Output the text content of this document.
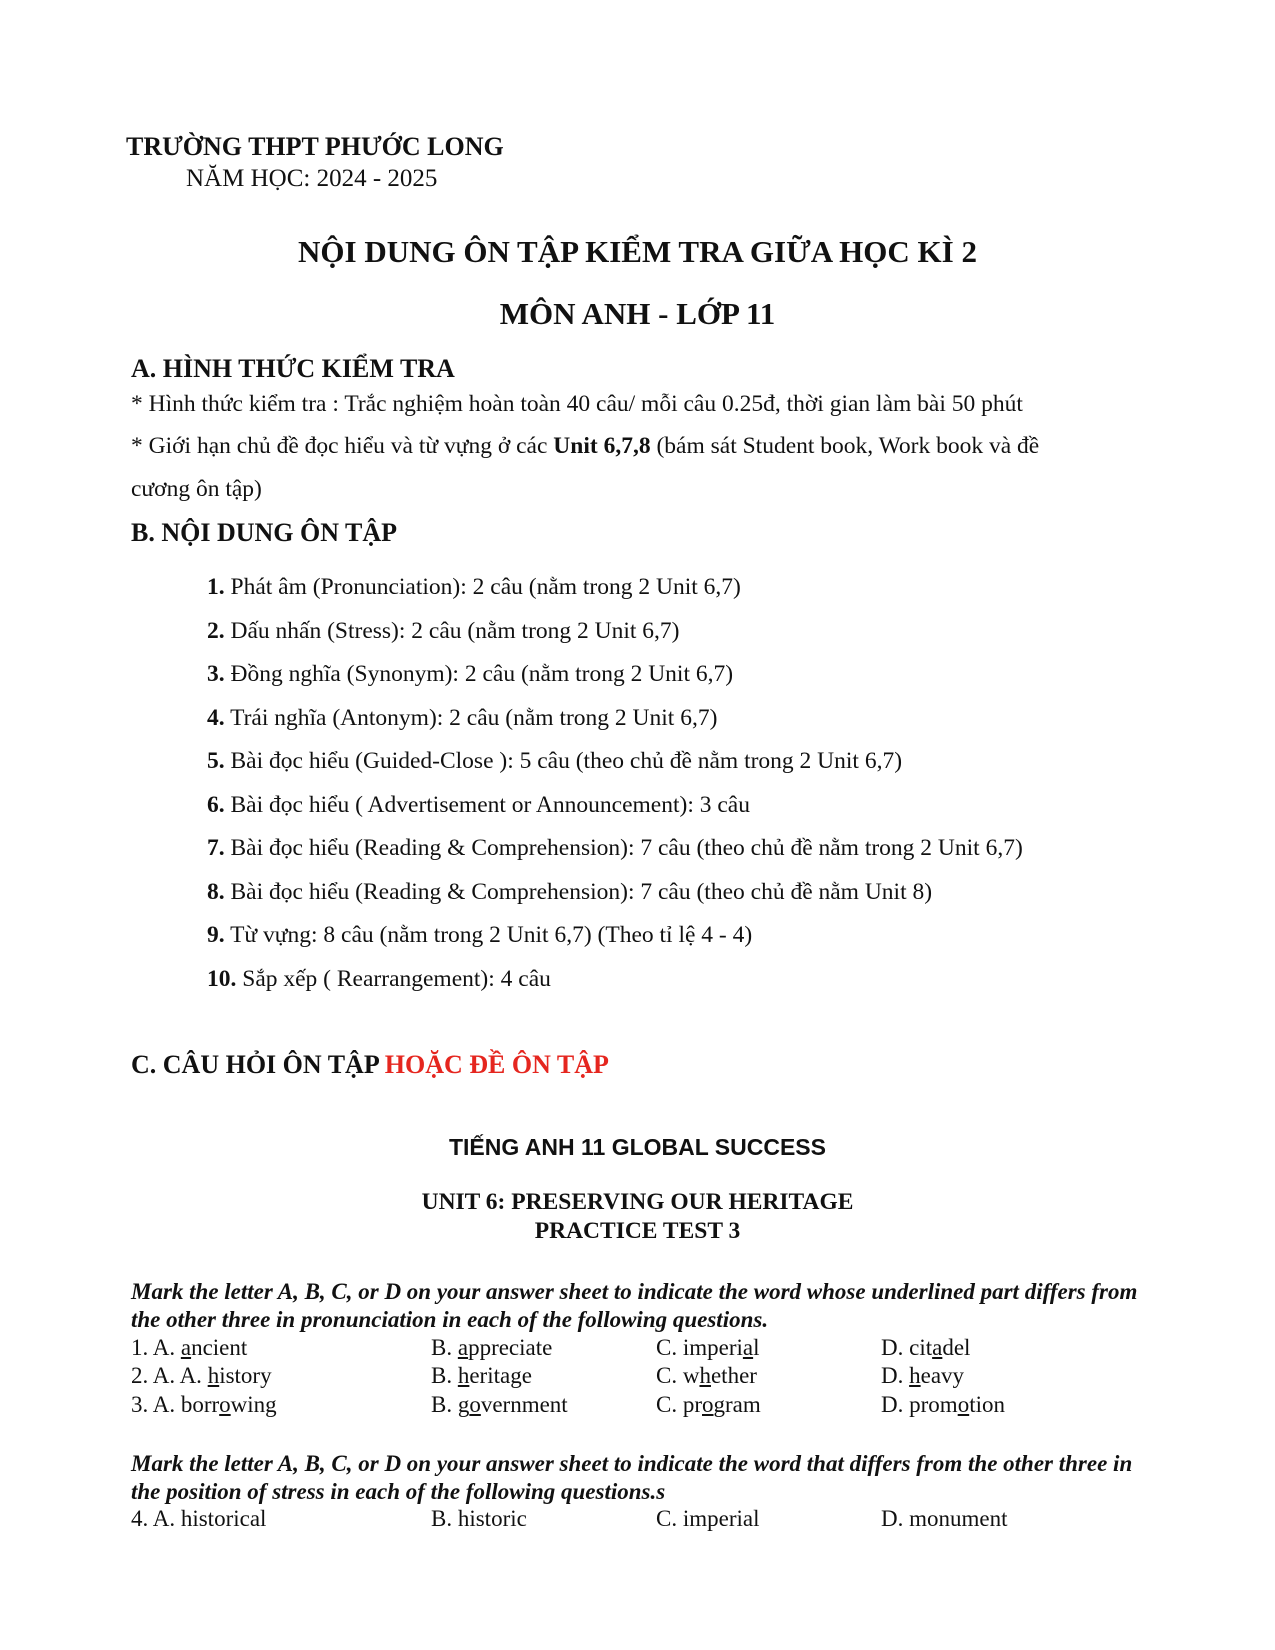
TRƯỜNG THPT PHƯỚC LONG
NĂM HỌC: 2024 - 2025
NỘI DUNG ÔN TẬP KIỂM TRA GIỮA HỌC KÌ 2
MÔN ANH - LỚP 11
A. HÌNH THỨC KIỂM TRA
* Hình thức kiểm tra : Trắc nghiệm hoàn toàn 40 câu/ mỗi câu 0.25đ, thời gian làm bài 50 phút
* Giới hạn chủ đề đọc hiểu và từ vựng ở các Unit 6,7,8 (bám sát Student book, Work book và đề
cương ôn tập)
B. NỘI DUNG ÔN TẬP
1. Phát âm (Pronunciation): 2 câu (nằm trong 2 Unit 6,7)
2. Dấu nhấn (Stress): 2 câu (nằm trong 2 Unit 6,7)
3. Đồng nghĩa (Synonym): 2 câu (nằm trong 2 Unit 6,7)
4. Trái nghĩa (Antonym): 2 câu (nằm trong 2 Unit 6,7)
5. Bài đọc hiểu (Guided-Close ): 5 câu (theo chủ đề nằm trong 2 Unit 6,7)
6. Bài đọc hiểu ( Advertisement or Announcement): 3 câu
7. Bài đọc hiểu (Reading & Comprehension): 7 câu (theo chủ đề nằm trong 2 Unit 6,7)
8. Bài đọc hiểu (Reading & Comprehension): 7 câu (theo chủ đề nằm Unit 8)
9. Từ vựng: 8 câu (nằm trong 2 Unit 6,7) (Theo tỉ lệ 4 - 4)
10. Sắp xếp ( Rearrangement): 4 câu
C. CÂU HỎI ÔN TẬP HOẶC ĐỀ ÔN TẬP
TIẾNG ANH 11 GLOBAL SUCCESS
UNIT 6: PRESERVING OUR HERITAGE
PRACTICE TEST 3
Mark the letter A, B, C, or D on your answer sheet to indicate the word whose underlined part differs from the other three in pronunciation in each of the following questions.
1. A. ancient	B. appreciate	C. imperial	D. citadel
2. A. A. history	B. heritage	C. whether	D. heavy
3. A. borrowing	B. government	C. program	D. promotion
Mark the letter A, B, C, or D on your answer sheet to indicate the word that differs from the other three in the position of stress in each of the following questions.s
4. A. historical	B. historic	C. imperial	D. monument
